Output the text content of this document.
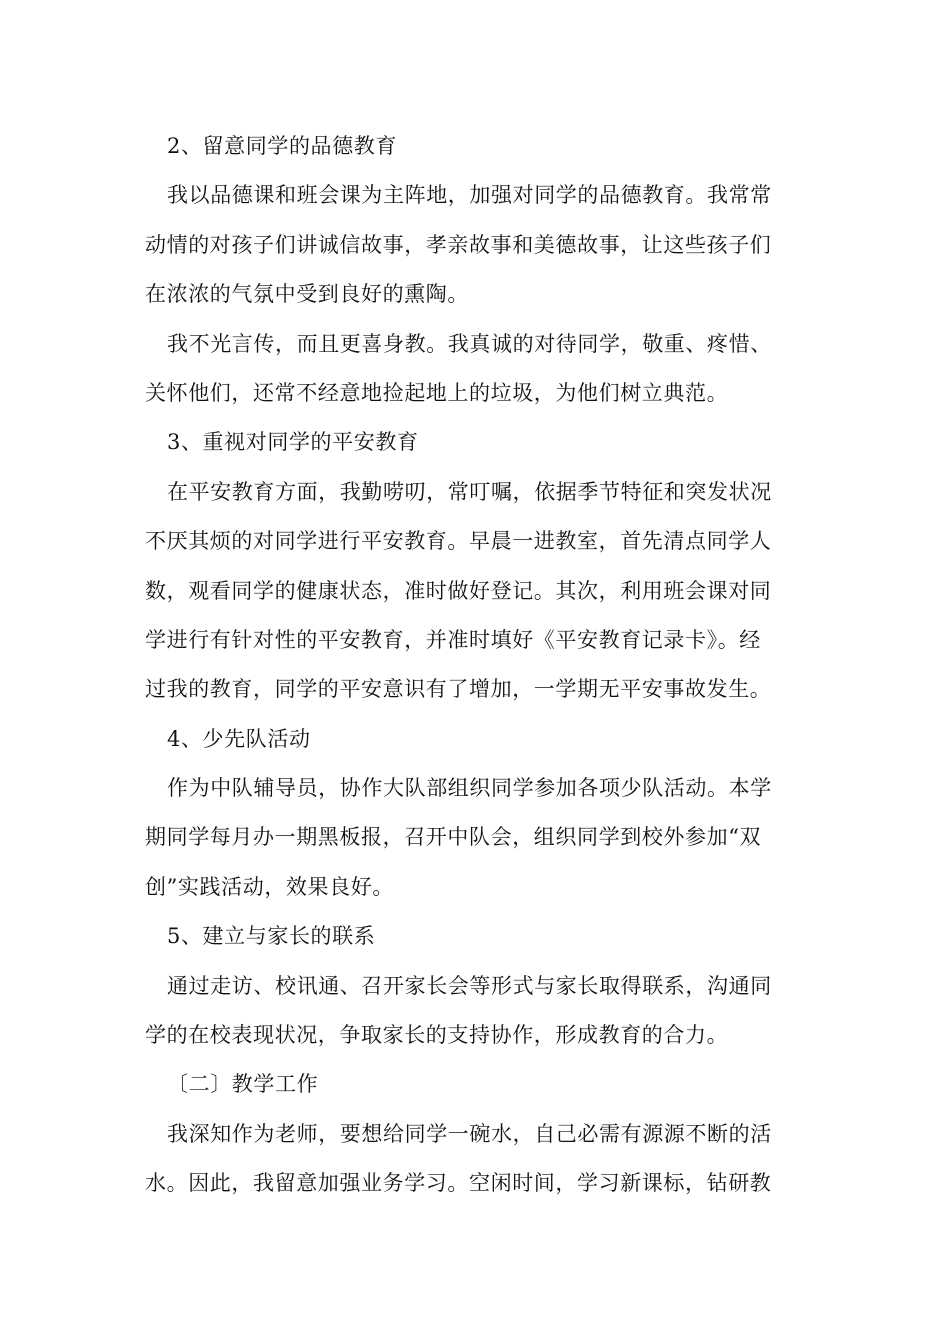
2、留意同学的品德教育
我以品德课和班会课为主阵地，加强对同学的品德教育。我常常
动情的对孩子们讲诚信故事，孝亲故事和美德故事，让这些孩子们
在浓浓的气氛中受到良好的熏陶。
我不光言传，而且更喜身教。我真诚的对待同学，敬重、疼惜、
关怀他们，还常不经意地捡起地上的垃圾，为他们树立典范。
3、重视对同学的平安教育
在平安教育方面，我勤唠叨，常叮嘱，依据季节特征和突发状况
不厌其烦的对同学进行平安教育。早晨一进教室，首先清点同学人
数，观看同学的健康状态，准时做好登记。其次，利用班会课对同
学进行有针对性的平安教育，并准时填好《平安教育记录卡》。经
过我的教育，同学的平安意识有了增加，一学期无平安事故发生。
4、少先队活动
作为中队辅导员，协作大队部组织同学参加各项少队活动。本学
期同学每月办一期黑板报，召开中队会，组织同学到校外参加“双
创”实践活动，效果良好。
5、建立与家长的联系
通过走访、校讯通、召开家长会等形式与家长取得联系，沟通同
学的在校表现状况，争取家长的支持协作，形成教育的合力。
〔二〕教学工作
我深知作为老师，要想给同学一碗水，自己必需有源源不断的活
水。因此，我留意加强业务学习。空闲时间，学习新课标，钻研教
